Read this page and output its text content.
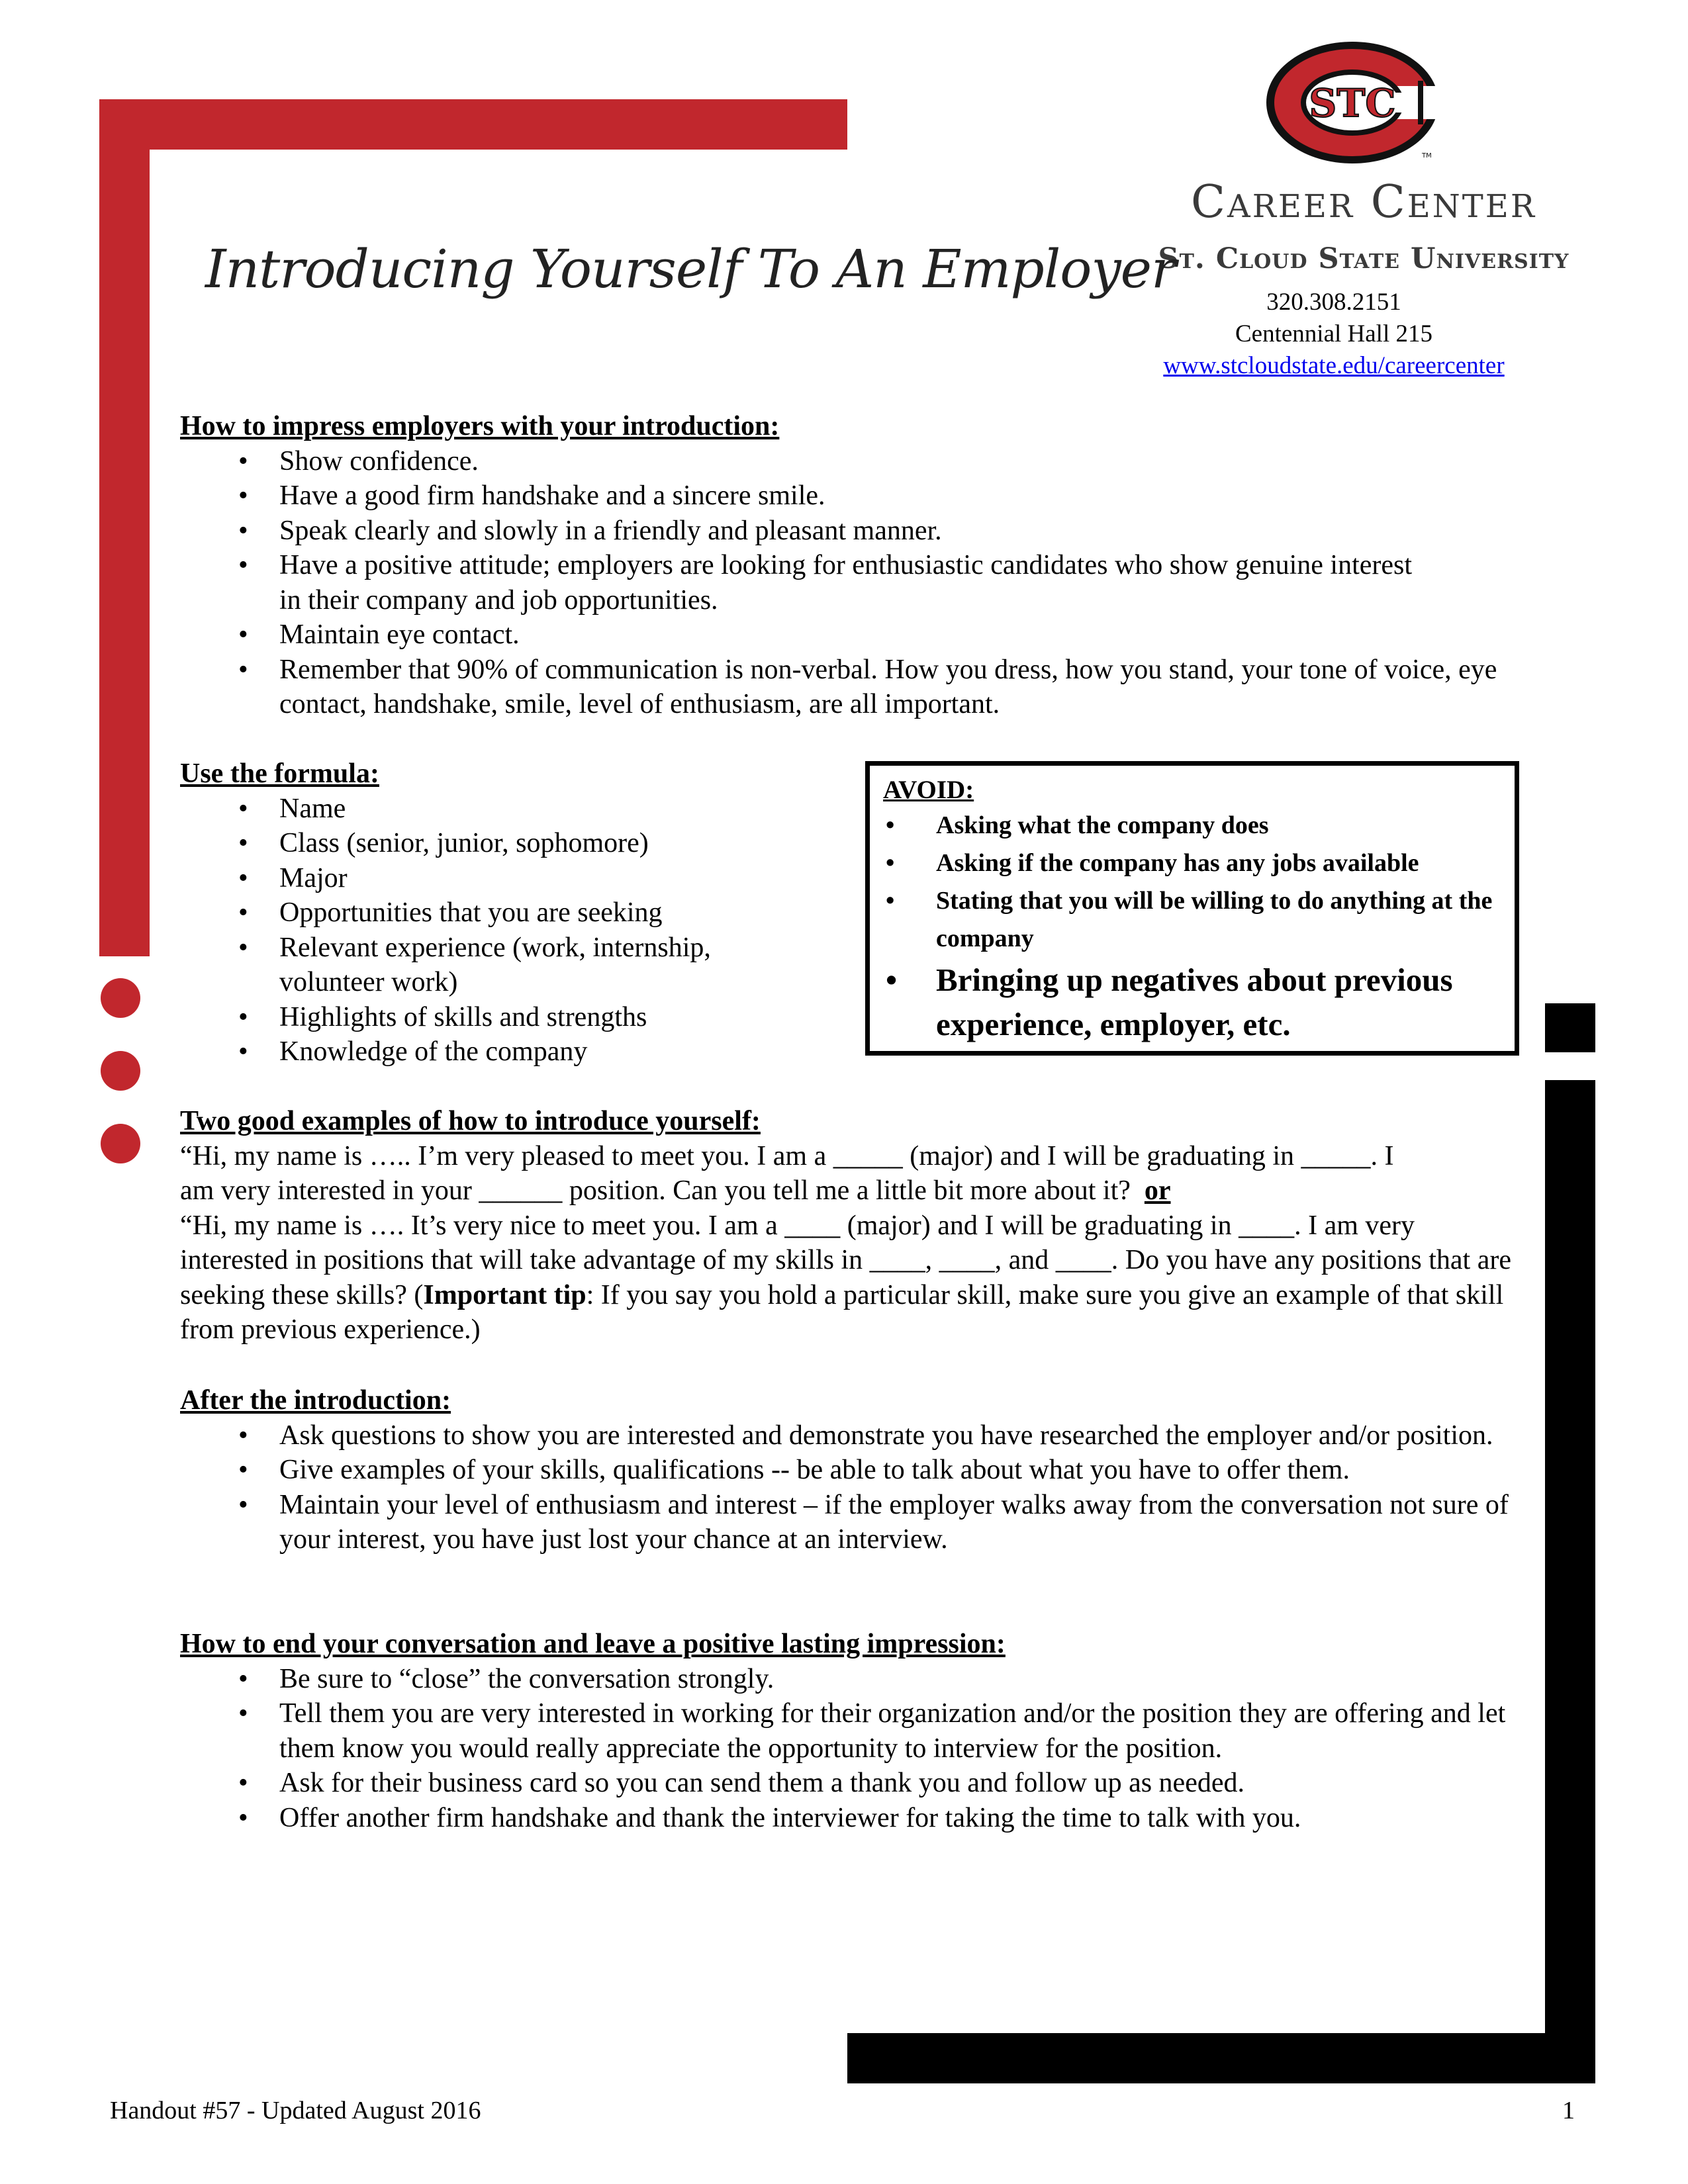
STC
TM
Career Center
St. Cloud State University
320.308.2151
Centennial Hall 215
www.stcloudstate.edu/careercenter
Introducing Yourself To An Employer
How to impress employers with your introduction:
• Show confidence.
• Have a good firm handshake and a sincere smile.
• Speak clearly and slowly in a friendly and pleasant manner.
• Have a positive attitude; employers are looking for enthusiastic candidates who show genuine interest in their company and job opportunities.
• Maintain eye contact.
• Remember that 90% of communication is non-verbal. How you dress, how you stand, your tone of voice, eye contact, handshake, smile, level of enthusiasm, are all important.
Use the formula:
• Name
• Class (senior, junior, sophomore)
• Major
• Opportunities that you are seeking
• Relevant experience (work, internship, volunteer work)
• Highlights of skills and strengths
• Knowledge of the company
AVOID:
• Asking what the company does
• Asking if the company has any jobs available
• Stating that you will be willing to do anything at the company
• Bringing up negatives about previous experience, employer, etc.
Two good examples of how to introduce yourself:
“Hi, my name is ….. I’m very pleased to meet you. I am a _____ (major) and I will be graduating in _____. I am very interested in your ______ position. Can you tell me a little bit more about it? or
“Hi, my name is …. It’s very nice to meet you. I am a ____ (major) and I will be graduating in ____. I am very interested in positions that will take advantage of my skills in ____, ____, and ____. Do you have any positions that are seeking these skills? (Important tip: If you say you hold a particular skill, make sure you give an example of that skill from previous experience.)
After the introduction:
• Ask questions to show you are interested and demonstrate you have researched the employer and/or position.
• Give examples of your skills, qualifications -- be able to talk about what you have to offer them.
• Maintain your level of enthusiasm and interest – if the employer walks away from the conversation not sure of your interest, you have just lost your chance at an interview.
How to end your conversation and leave a positive lasting impression:
• Be sure to “close” the conversation strongly.
• Tell them you are very interested in working for their organization and/or the position they are offering and let them know you would really appreciate the opportunity to interview for the position.
• Ask for their business card so you can send them a thank you and follow up as needed.
• Offer another firm handshake and thank the interviewer for taking the time to talk with you.
Handout #57 - Updated August 2016	1
